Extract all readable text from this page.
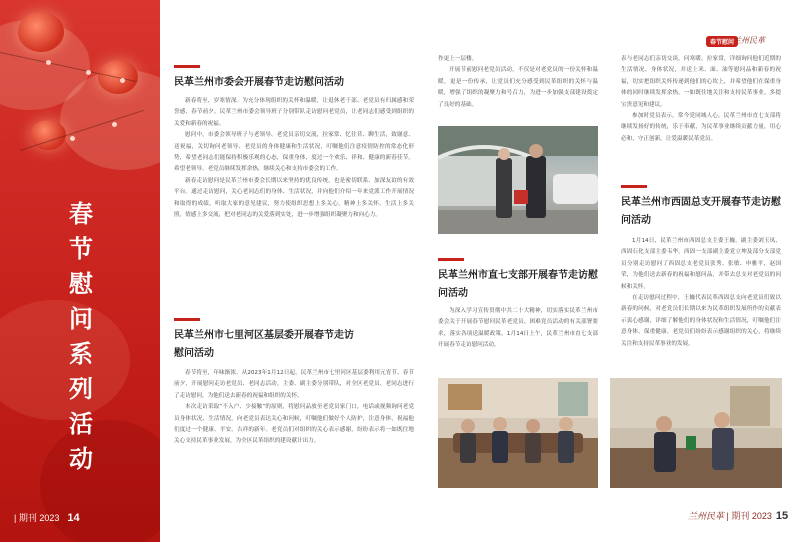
春节慰问系列活动
| 期刊 2023 14
民革兰州市委会开展春节走访慰问活动

新春将至，岁寒情深。为充分体现组织的关怀和温暖，让退休老干部、老党员有归属感和荣誉感，春节前夕，民革兰州市委会领导班子分别带队走访慰问老党员，让老同志们感受到组织的关爱和新春的祝福。

慰问中，市委会领导班子与老领导、老党员亲切交流，拉家常、忆往昔、聊生活，致谢意、送祝福，关切询问老领导、老党员的身体健康和生活状况，叮嘱他们注意疫情防控的常态化形势，希望老同志们能保持积极乐观的心态，保重身体，度过一个欢乐、祥和、健康的新春佳节。希望老领导、老党员继续发挥余热，继续关心和支持市委会的工作。

新春走访慰问是民革兰州市委会长期以来坚持的优良传统，也是密切联系、加深友谊的有效平台。通过走访慰问，关心老同志们的身体、生活状况，并向他们介绍一年来党派工作开展情况和取得的成绩，听取大家的意见建议，努力使组织思想上多关心，精神上多关怀，生活上多关照，情感上多交流，把对老同志的关爱落到实处，进一步增强组织凝聚力和向心力。

民革兰州市七里河区基层委开展春节走访慰问活动

春节将至，年味渐浓。从2023年1月12日起，民革兰州市七里河区基层委利用元宵节、春节前夕，开展慰问走访老党员、老同志活动。主委、副主委分别带队，对全区老党员、老同志进行了走访慰问，为他们送去新春的祝福和组织的关怀。

本次走访采取“不入户、少接触”的原则，将慰问品放至老党员家门口，电话或视频询问老党员身体状况、生活情况，向老党员表达关心和问候，叮嘱他们做好个人防护，注意身体，祝福他们度过一个健康、平安、吉祥的新年。老党员们对组织的关心表示感谢，纷纷表示将一如既往地关心支持民革事业发展，为全区民革组织的建设献计出力。

作更上一层楼。

开展节前慰问老党员活动，不仅是对老党员的一份关怀和温暖，更是一份传承，让党员们充分感受到民革组织的关怀与温暖，增强了组织的凝聚力和号召力，为进一步加强支部建设奠定了良好的基础。

民革兰州市直七支部开展春节走访慰问活动

为深入学习宣传贯彻中共二十大精神，切实落实民革兰州市委会关于开展春节慰问民革老党员、困难党员活动的有关部署要求，落实各项送温暖政策，1月14日上午，民革兰州市直七支部开展春节走访慰问活动。

春节慰问
兰州民革

表与老同志们亲切交谈，问寒暖、拉家常，详细询问他们近期的生活情况、身体状况，并送上米、面、油等慰问品和新春的祝福，切实把组织关怀传递到他们的心坎上，并希望他们在保重身体的同时继续发挥余热，一如既往地关注和支持民革事业，多提宝贵意见和建议。

参加时党员表示，常今党同城人心，民革兰州市直七支部将继续发扬好的传统，乐于奉献，为民革事业继续贡献力量，用心必和，守正创新，让爱温暖民革党员。

民革兰州市西固总支开展春节走访慰问活动

1月14日，民革兰州市西固总支主委王巍，副主委刘玉凤、西固石化支部主委韦华，西固一支部副主委党立坤及部分支部党员分别走访慰问了西固总支老党员张秀、张敏、申雅平、赵国荣，为他们送去新春的祝福和慰问品，并带去总支对老党员的问候和关怀。

在走访慰问过程中，王巍代表民革西固总支向老党员们致以新春的问候，对老党员们长期以来为民革组织发展所作的贡献表示衷心感谢，详细了解他们的身体状况和生活情况，叮嘱他们注意身体、保重健康。老党员们纷纷表示感谢组织的关心，将继续关注和支持民革事业的发展。

兰州民革 | 期刊 2023 15
